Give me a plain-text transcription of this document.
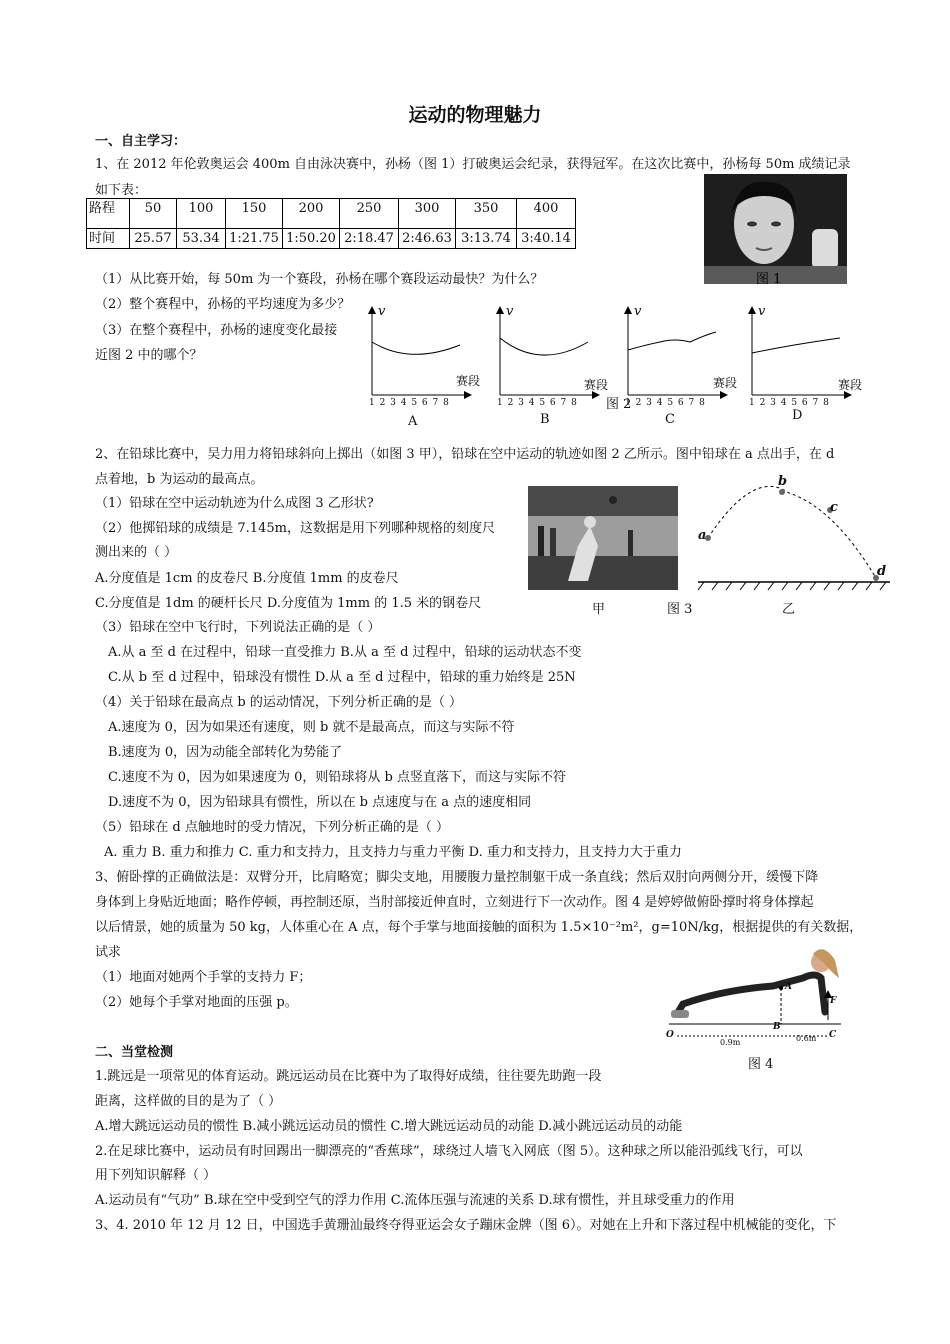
运动的物理魅力
一、自主学习：
1、在 2012 年伦敦奥运会 400m 自由泳决赛中，孙杨（图 1）打破奥运会纪录，获得冠军。在这次比赛中，孙杨每 50m 成绩记录
如下表：
路程	50	100	150	200	250	300	350	400
时间	25.57	53.34	1:21.75	1:50.20	2:18.47	2:46.63	3:13.74	3:40.14
图 1
（1）从比赛开始，每 50m 为一个赛段，孙杨在哪个赛段运动最快？为什么？
（2）整个赛程中，孙杨的平均速度为多少？
（3）在整个赛程中，孙杨的速度变化最接
近图 2 中的哪个？
v	v	v	v
赛段	赛段	赛段	赛段
1 2 3 4 5 6 7 8	1 2 3 4 5 6 7 8	1 2 3 4 5 6 7 8	1 2 3 4 5 6 7 8
图 2
A	B	C	D
2、在铅球比赛中，吴力用力将铅球斜向上掷出（如图 3 甲），铅球在空中运动的轨迹如图 2 乙所示。图中铅球在 a 点出手，在 d
点着地，b 为运动的最高点。
（1）铅球在空中运动轨迹为什么成图 3 乙形状?
（2）他掷铅球的成绩是 7.145m，这数据是用下列哪种规格的刻度尺
测出来的（ ）
A.分度值是 1cm 的皮卷尺 B.分度值 1mm 的皮卷尺
C.分度值是 1dm 的硬杆长尺 D.分度值为 1mm 的 1.5 米的钢卷尺	甲	图 3	乙
a
b
c
d
（3）铅球在空中飞行时，下列说法正确的是（ ）
A.从 a 至 d 在过程中，铅球一直受推力 B.从 a 至 d 过程中，铅球的运动状态不变
C.从 b 至 d 过程中，铅球没有惯性 D.从 a 至 d 过程中，铅球的重力始终是 25N
（4）关于铅球在最高点 b 的运动情况，下列分析正确的是（ ）
A.速度为 0，因为如果还有速度，则 b 就不是最高点，而这与实际不符
B.速度为 0，因为动能全部转化为势能了
C.速度不为 0，因为如果速度为 0，则铅球将从 b 点竖直落下，而这与实际不符
D.速度不为 0，因为铅球具有惯性，所以在 b 点速度与在 a 点的速度相同
（5）铅球在 d 点触地时的受力情况，下列分析正确的是（ ）
A. 重力 B. 重力和推力 C. 重力和支持力，且支持力与重力平衡 D. 重力和支持力，且支持力大于重力
3、俯卧撑的正确做法是：双臂分开，比肩略宽；脚尖支地，用腰腹力量控制躯干成一条直线；然后双肘向两侧分开，缓慢下降
身体到上身贴近地面；略作停顿，再控制还原，当肘部接近伸直时，立刻进行下一次动作。图 4 是婷婷做俯卧撑时将身体撑起
以后情景，她的质量为 50 kg，人体重心在 A 点，每个手掌与地面接触的面积为 1.5×10⁻²m²，g=10N/kg，根据提供的有关数据，
试求
（1）地面对她两个手掌的支持力 F；
（2）她每个手掌对地面的压强 p。
O
B
C
A
F
0.9m	0.6m
图 4
二、当堂检测
1.跳远是一项常见的体育运动。跳远运动员在比赛中为了取得好成绩，往往要先助跑一段
距离，这样做的目的是为了（ ）
A.增大跳远运动员的惯性 B.减小跳远运动员的惯性 C.增大跳远运动员的动能 D.减小跳远运动员的动能
2.在足球比赛中，运动员有时回踢出一脚漂亮的“香蕉球”，球绕过人墙飞入网底（图 5）。这种球之所以能沿弧线飞行，可以
用下列知识解释（ ）
A.运动员有“气功” B.球在空中受到空气的浮力作用 C.流体压强与流速的关系 D.球有惯性，并且球受重力的作用
3、4. 2010 年 12 月 12 日，中国选手黄珊汕最终夺得亚运会女子蹦床金牌（图 6）。对她在上升和下落过程中机械能的变化，下
